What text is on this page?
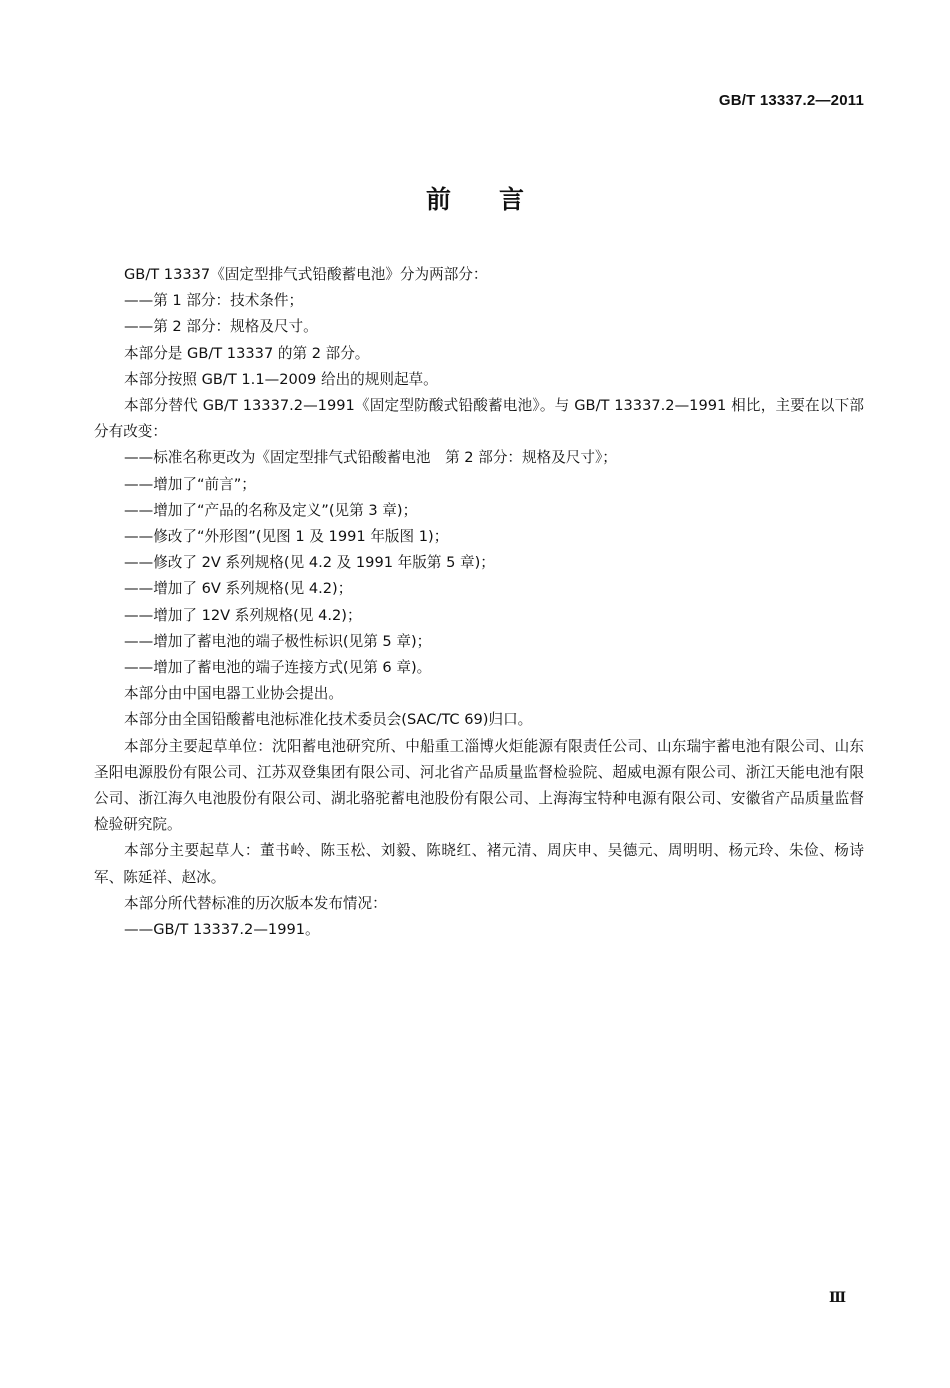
GB/T 13337.2—2011
前言

GB/T 13337《固定型排气式铅酸蓄电池》分为两部分：

——第 1 部分：技术条件；

——第 2 部分：规格及尺寸。

本部分是 GB/T 13337 的第 2 部分。

本部分按照 GB/T 1.1—2009 给出的规则起草。

本部分替代 GB/T 13337.2—1991《固定型防酸式铅酸蓄电池》。与 GB/T 13337.2—1991 相比，主要在以下部分有改变：

——标准名称更改为《固定型排气式铅酸蓄电池　第 2 部分：规格及尺寸》；

——增加了“前言”；

——增加了“产品的名称及定义”(见第 3 章)；

——修改了“外形图”(见图 1 及 1991 年版图 1)；

——修改了 2V 系列规格(见 4.2 及 1991 年版第 5 章)；

——增加了 6V 系列规格(见 4.2)；

——增加了 12V 系列规格(见 4.2)；

——增加了蓄电池的端子极性标识(见第 5 章)；

——增加了蓄电池的端子连接方式(见第 6 章)。

本部分由中国电器工业协会提出。

本部分由全国铅酸蓄电池标准化技术委员会(SAC/TC 69)归口。

本部分主要起草单位：沈阳蓄电池研究所、中船重工淄博火炬能源有限责任公司、山东瑞宇蓄电池有限公司、山东圣阳电源股份有限公司、江苏双登集团有限公司、河北省产品质量监督检验院、超威电源有限公司、浙江天能电池有限公司、浙江海久电池股份有限公司、湖北骆驼蓄电池股份有限公司、上海海宝特种电源有限公司、安徽省产品质量监督检验研究院。

本部分主要起草人：董书岭、陈玉松、刘毅、陈晓红、褚元清、周庆申、吴德元、周明明、杨元玲、朱俭、杨诗军、陈延祥、赵冰。

本部分所代替标准的历次版本发布情况：

——GB/T 13337.2—1991。

Ⅲ
